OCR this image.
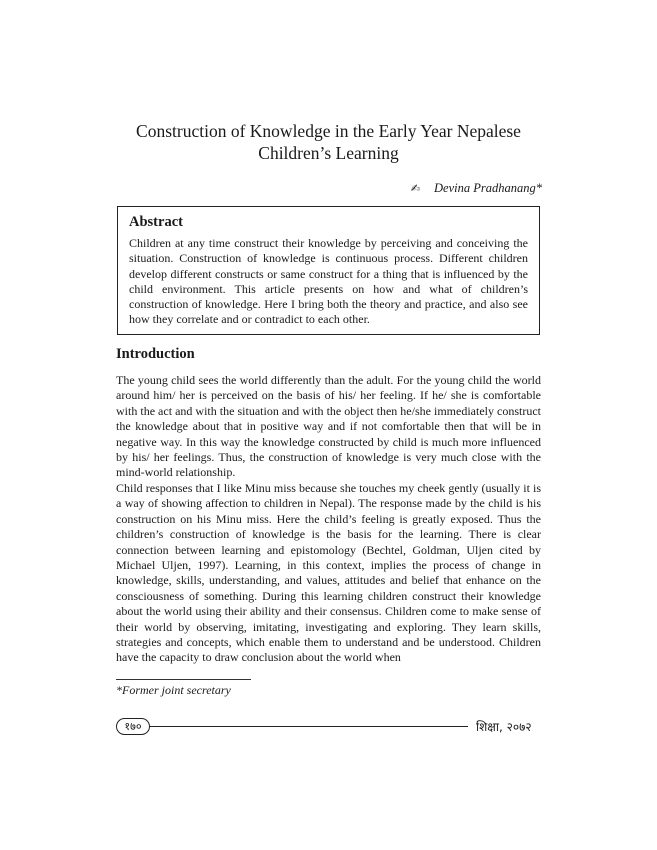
Construction of Knowledge in the Early Year Nepalese
Children’s Learning
✍ Devina Pradhanang*
Abstract

Children at any time construct their knowledge by perceiving and conceiving the situation. Construction of knowledge is continuous process. Different children develop different constructs or same construct for a thing that is influenced by the child environment. This article presents on how and what of children’s construction of knowledge. Here I bring both the theory and practice, and also see how they correlate and or contradict to each other.

Introduction

The young child sees the world differently than the adult. For the young child the world around him/ her is perceived on the basis of his/ her feeling. If he/ she is comfortable with the act and with the situation and with the object then he/she immediately construct the knowledge about that in positive way and if not comfortable then that will be in negative way. In this way the knowledge constructed by child is much more influenced by his/ her feelings. Thus, the construction of knowledge is very much close with the mind-world relationship.

Child responses that I like Minu miss because she touches my cheek gently (usually it is a way of showing affection to children in Nepal). The response made by the child is his construction on his Minu miss. Here the child’s feeling is greatly exposed. Thus the children’s construction of knowledge is the basis for the learning. There is clear connection between learning and epistomology (Bechtel, Goldman, Uljen cited by Michael Uljen, 1997). Learning, in this context, implies the process of change in knowledge, skills, understanding, and values, attitudes and belief that enhance on the consciousness of something. During this learning children construct their knowledge about the world using their ability and their consensus. Children come to make sense of their world by observing, imitating, investigating and exploring. They learn skills, strategies and concepts, which enable them to understand and be understood. Children have the capacity to draw conclusion about the world when

*Former joint secretary
१७०	शिक्षा, २०७२
